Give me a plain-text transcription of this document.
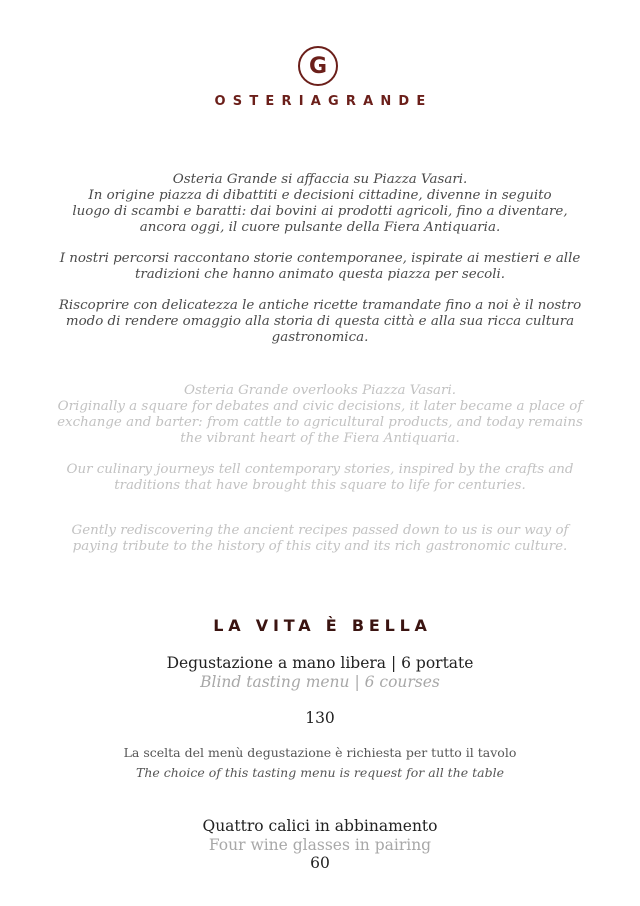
G
OSTERIAGRANDE

Osteria Grande si affaccia su Piazza Vasari.
In origine piazza di dibattiti e decisioni cittadine, divenne in seguito
luogo di scambi e baratti: dai bovini ai prodotti agricoli, fino a diventare,
ancora oggi, il cuore pulsante della Fiera Antiquaria.

I nostri percorsi raccontano storie contemporanee, ispirate ai mestieri e alle
tradizioni che hanno animato questa piazza per secoli.

Riscoprire con delicatezza le antiche ricette tramandate fino a noi è il nostro
modo di rendere omaggio alla storia di questa città e alla sua ricca cultura
gastronomica.

Osteria Grande overlooks Piazza Vasari.
Originally a square for debates and civic decisions, it later became a place of
exchange and barter: from cattle to agricultural products, and today remains
the vibrant heart of the Fiera Antiquaria.

Our culinary journeys tell contemporary stories, inspired by the crafts and
traditions that have brought this square to life for centuries.

Gently rediscovering the ancient recipes passed down to us is our way of
paying tribute to the history of this city and its rich gastronomic culture.

LA VITA È BELLA

Degustazione a mano libera | 6 portate

Blind tasting menu | 6 courses

130

La scelta del menù degustazione è richiesta per tutto il tavolo

The choice of this tasting menu is request for all the table

Quattro calici in abbinamento

Four wine glasses in pairing

60
